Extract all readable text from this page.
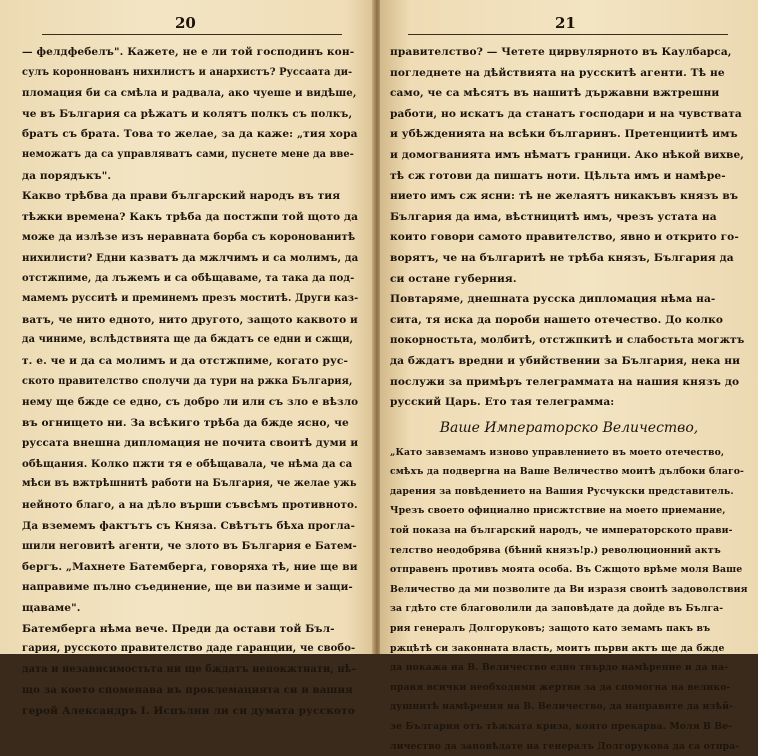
20
— фелдфебелъ". Кажете, не е ли той господинъ кон-
сулъ короннованъ нихилистъ и анархистъ? Руссаата ди-
пломация би са смѣла и радвала, ако чуеше и видѣше,
че въ България са рѣжатъ и колятъ полкъ съ полкъ,
братъ съ брата. Това то желае, за да каже: „тия хора
неможатъ да са управляватъ сами, пуснете мене да вве-
да порядъкъ".
Какво трѣбва да прави българский народъ въ тия
тѣжки времена? Какъ трѣба да постжпи той щото да
може да излѣзе изъ неравната борба съ коронованитѣ
нихилисти? Едни казватъ да мжлчимъ и са молимъ, да
отстжпиме, да лъжемъ и са обѣщаваме, та така да под-
мамемъ русситѣ и преминемъ презъ моститѣ. Други каз-
ватъ, че нито едното, нито другото, защото каквото и
да чиниме, вслѣдствията ще да бждатъ се едни и сжщи,
т. е. че и да са молимъ и да отстжпиме, когато рус-
ското правителство сполучи да тури на ржка България,
нему ще бжде се едно, съ добро ли или съ зло е вѣзло
въ огнището ни. За всѣкиго трѣба да бжде ясно, че
руссата внешна дипломация не почита своитѣ думи и
обѣщания. Колко пжти тя е обѣщавала, че нѣма да са
мѣси въ вжтрѣшнитѣ работи на България, че желае ужь
нейното благо, а на дѣло върши съвсѣмъ противното.
Да вземемъ фактътъ съ Княза. Свѣтътъ бѣха прогла-
шили неговитѣ агенти, че злото въ България е Батем-
бергъ. „Махнете Батемберга, говоряха тѣ, ние ще ви
направиме пълно съединение, ще ви пазиме и защи-
щаваме".
Батемберга нѣма вече. Преди да остави той Бъл-
гария, русското правителство даде гаранции, че свобо-
дата и независимостьта ни ще бждатъ непокжтнати, нѣ-
що за което споменава въ проклемацията си и вашия
герой Александръ I. Испълни ли си думата русското
21
правителство? — Четете цирвулярното въ Каулбарса,
погледнете на дѣйствията на русскитѣ агенти. Тѣ не
само, че са мѣсятъ въ нашитѣ държавни вжтрешни
работи, но искатъ да станатъ господари и на чувствата
и убѣжденията на всѣки българинъ. Претенциитѣ имъ
и домогванията имъ нѣматъ граници. Ако нѣкой вихве,
тѣ сж готови да пишатъ ноти. Цѣльта имъ и намѣре-
нието имъ сж ясни: тѣ не желаятъ никакъвъ князъ въ
България да има, вѣстницитѣ имъ, чрезъ устата на
които говори самото правителство, явно и откритo го-
ворятъ, че на българитѣ не трѣба князъ, България да
си остане губерния.
Повтаряме, днешната русска дипломация нѣма на-
сита, тя иска да пороби нашето отечество. До колко
покорностьта, молбитѣ, отстжпкитѣ и слабостьта могжтъ
да бждатъ вредни и убийствении за България, нека ни
послужи за примѣръ телеграммата на нашия князъ до
русский Царь. Ето тая телеграмма:
Ваше Императорско Величество,
„Като завземамъ изново управлението въ моето отечество,
смѣхъ да подвергна на Ваше Величество моитѣ дълбоки благо-
дарения за повѣдението на Вашия Русчукски представитель.
Чрезъ своето официално присжтствие на моето приемание,
той показа на българский народъ, че императорското прави-
телство неодобрява (бѣний князъ!р.) революционний актъ
отправенъ противъ моята особа. Въ Сжщото врѣме моля Ваше
Величество да ми позволите да Ви изразя своитѣ задоволствия
за гдѣто сте благоволили да заповѣдате да дойде въ Бълга-
рия генералъ Долгоруковъ; защото като земамъ пакъ въ
ржцѣтѣ си законната власть, моитъ първи актъ ще да бжде
да покажа на В. Величество едно твърдо намѣрение и да на-
правя всички необходими жертви за да спомогна на велико-
душнитѣ намѣрения на В. Величество, да направите да изѣй-
зе България отъ тѣжката криза, която прекарва. Моля В Ве-
личество да заповѣдате на генералъ Долгорукова да са отпра-
